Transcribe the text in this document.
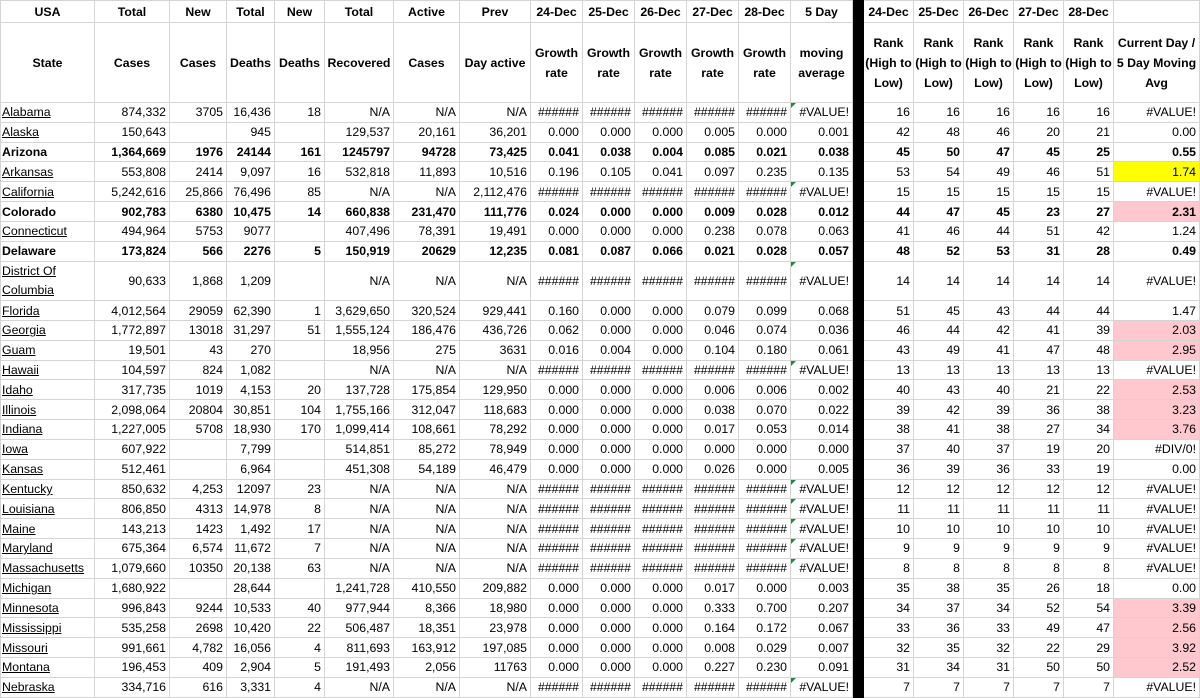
USA	Total	New	Total	New	Total	Active	Prev	24-Dec	25-Dec	26-Dec	27-Dec	28-Dec	5 Day		24-Dec	25-Dec	26-Dec	27-Dec	28-Dec	
State	Cases	Cases	Deaths	Deaths	Recovered	Cases	Day active	Growth rate	Growth rate	Growth rate	Growth rate	Growth rate	moving average		Rank (High to Low)	Rank (High to Low)	Rank (High to Low)	Rank (High to Low)	Rank (High to Low)	Current Day / 5 Day Moving Avg
Alabama	874,332	3705	16,436	18	N/A	N/A	N/A	######	######	######	######	######	#VALUE!		16	16	16	16	16	#VALUE!
Alaska	150,643		945		129,537	20,161	36,201	0.000	0.000	0.000	0.005	0.000	0.001		42	48	46	20	21	0.00
Arizona	1,364,669	1976	24144	161	1245797	94728	73,425	0.041	0.038	0.004	0.085	0.021	0.038		45	50	47	45	25	0.55
Arkansas	553,808	2414	9,097	16	532,818	11,893	10,516	0.196	0.105	0.041	0.097	0.235	0.135		53	54	49	46	51	1.74
California	5,242,616	25,866	76,496	85	N/A	N/A	2,112,476	######	######	######	######	######	#VALUE!		15	15	15	15	15	#VALUE!
Colorado	902,783	6380	10,475	14	660,838	231,470	111,776	0.024	0.000	0.000	0.009	0.028	0.012		44	47	45	23	27	2.31
Connecticut	494,964	5753	9077		407,496	78,391	19,491	0.000	0.000	0.000	0.238	0.078	0.063		41	46	44	51	42	1.24
Delaware	173,824	566	2276	5	150,919	20629	12,235	0.081	0.087	0.066	0.021	0.028	0.057		48	52	53	31	28	0.49
District Of Columbia	90,633	1,868	1,209		N/A	N/A	N/A	######	######	######	######	######	#VALUE!		14	14	14	14	14	#VALUE!
Florida	4,012,564	29059	62,390	1	3,629,650	320,524	929,441	0.160	0.000	0.000	0.079	0.099	0.068		51	45	43	44	44	1.47
Georgia	1,772,897	13018	31,297	51	1,555,124	186,476	436,726	0.062	0.000	0.000	0.046	0.074	0.036		46	44	42	41	39	2.03
Guam	19,501	43	270		18,956	275	3631	0.016	0.004	0.000	0.104	0.180	0.061		43	49	41	47	48	2.95
Hawaii	104,597	824	1,082		N/A	N/A	N/A	######	######	######	######	######	#VALUE!		13	13	13	13	13	#VALUE!
Idaho	317,735	1019	4,153	20	137,728	175,854	129,950	0.000	0.000	0.000	0.006	0.006	0.002		40	43	40	21	22	2.53
Illinois	2,098,064	20804	30,851	104	1,755,166	312,047	118,683	0.000	0.000	0.000	0.038	0.070	0.022		39	42	39	36	38	3.23
Indiana	1,227,005	5708	18,930	170	1,099,414	108,661	78,292	0.000	0.000	0.000	0.017	0.053	0.014		38	41	38	27	34	3.76
Iowa	607,922		7,799		514,851	85,272	78,949	0.000	0.000	0.000	0.000	0.000	0.000		37	40	37	19	20	#DIV/0!
Kansas	512,461		6,964		451,308	54,189	46,479	0.000	0.000	0.000	0.026	0.000	0.005		36	39	36	33	19	0.00
Kentucky	850,632	4,253	12097	23	N/A	N/A	N/A	######	######	######	######	######	#VALUE!		12	12	12	12	12	#VALUE!
Louisiana	806,850	4313	14,978	8	N/A	N/A	N/A	######	######	######	######	######	#VALUE!		11	11	11	11	11	#VALUE!
Maine	143,213	1423	1,492	17	N/A	N/A	N/A	######	######	######	######	######	#VALUE!		10	10	10	10	10	#VALUE!
Maryland	675,364	6,574	11,672	7	N/A	N/A	N/A	######	######	######	######	######	#VALUE!		9	9	9	9	9	#VALUE!
Massachusetts	1,079,660	10350	20,138	63	N/A	N/A	N/A	######	######	######	######	######	#VALUE!		8	8	8	8	8	#VALUE!
Michigan	1,680,922		28,644		1,241,728	410,550	209,882	0.000	0.000	0.000	0.017	0.000	0.003		35	38	35	26	18	0.00
Minnesota	996,843	9244	10,533	40	977,944	8,366	18,980	0.000	0.000	0.000	0.333	0.700	0.207		34	37	34	52	54	3.39
Mississippi	535,258	2698	10,420	22	506,487	18,351	23,978	0.000	0.000	0.000	0.164	0.172	0.067		33	36	33	49	47	2.56
Missouri	991,661	4,782	16,056	4	811,693	163,912	197,085	0.000	0.000	0.000	0.008	0.029	0.007		32	35	32	22	29	3.92
Montana	196,453	409	2,904	5	191,493	2,056	11763	0.000	0.000	0.000	0.227	0.230	0.091		31	34	31	50	50	2.52
Nebraska	334,716	616	3,331	4	N/A	N/A	N/A	######	######	######	######	######	#VALUE!		7	7	7	7	7	#VALUE!
